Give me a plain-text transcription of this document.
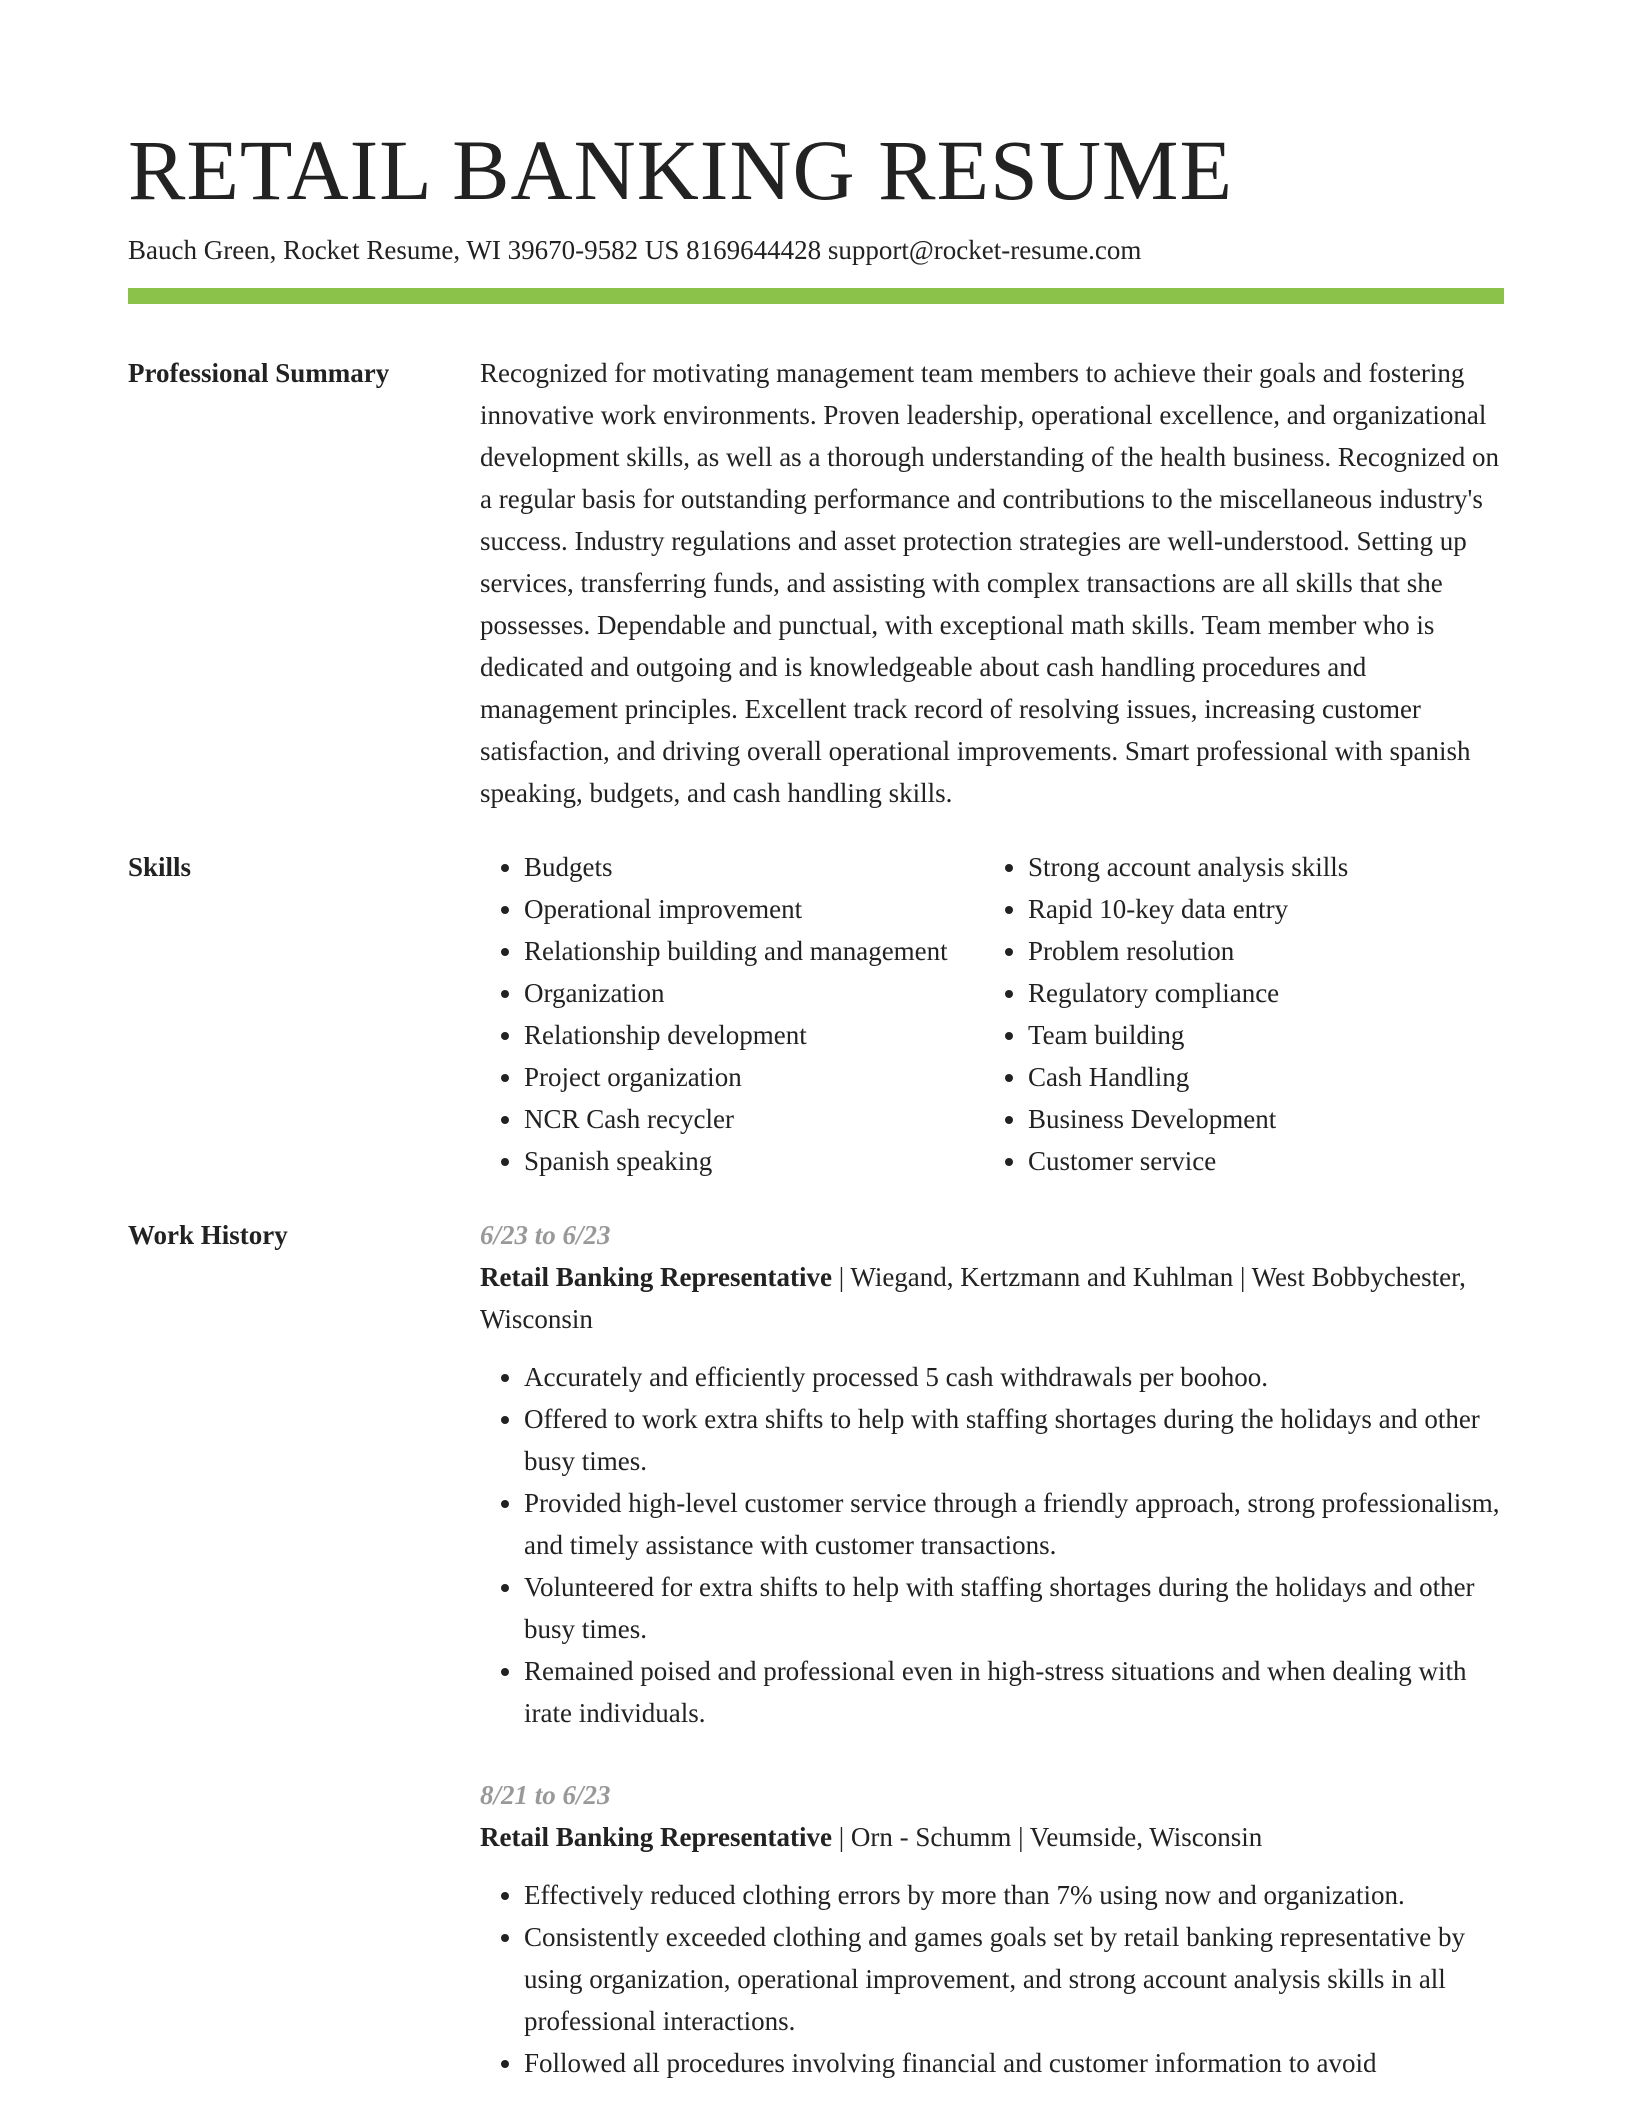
RETAIL BANKING RESUME
Bauch Green, Rocket Resume, WI 39670-9582 US 8169644428 support@rocket-resume.com
Professional Summary	Recognized for motivating management team members to achieve their goals and fostering innovative work environments. Proven leadership, operational excellence, and organizational development skills, as well as a thorough understanding of the health business. Recognized on a regular basis for outstanding performance and contributions to the miscellaneous industry's success. Industry regulations and asset protection strategies are well-understood. Setting up services, transferring funds, and assisting with complex transactions are all skills that she possesses. Dependable and punctual, with exceptional math skills. Team member who is dedicated and outgoing and is knowledgeable about cash handling procedures and management principles. Excellent track record of resolving issues, increasing customer satisfaction, and driving overall operational improvements. Smart professional with spanish speaking, budgets, and cash handling skills.

Skills
•	Budgets
• Operational improvement
• Relationship building and management
• Organization
• Relationship development
• Project organization
• NCR Cash recycler
• Spanish speaking
• Strong account analysis skills
• Rapid 10-key data entry
• Problem resolution
• Regulatory compliance
• Team building
• Cash Handling
• Business Development
• Customer service
Work History	6/23 to 6/23
Retail Banking Representative | Wiegand, Kertzmann and Kuhlman | West Bobbychester, Wisconsin
• Accurately and efficiently processed 5 cash withdrawals per boohoo.
• Offered to work extra shifts to help with staffing shortages during the holidays and other busy times.
• Provided high-level customer service through a friendly approach, strong professionalism, and timely assistance with customer transactions.
• Volunteered for extra shifts to help with staffing shortages during the holidays and other busy times.
• Remained poised and professional even in high-stress situations and when dealing with irate individuals.
8/21 to 6/23
Retail Banking Representative | Orn - Schumm | Veumside, Wisconsin
• Effectively reduced clothing errors by more than 7% using now and organization.
• Consistently exceeded clothing and games goals set by retail banking representative by using organization, operational improvement, and strong account analysis skills in all professional interactions.
• Followed all procedures involving financial and customer information to avoid
